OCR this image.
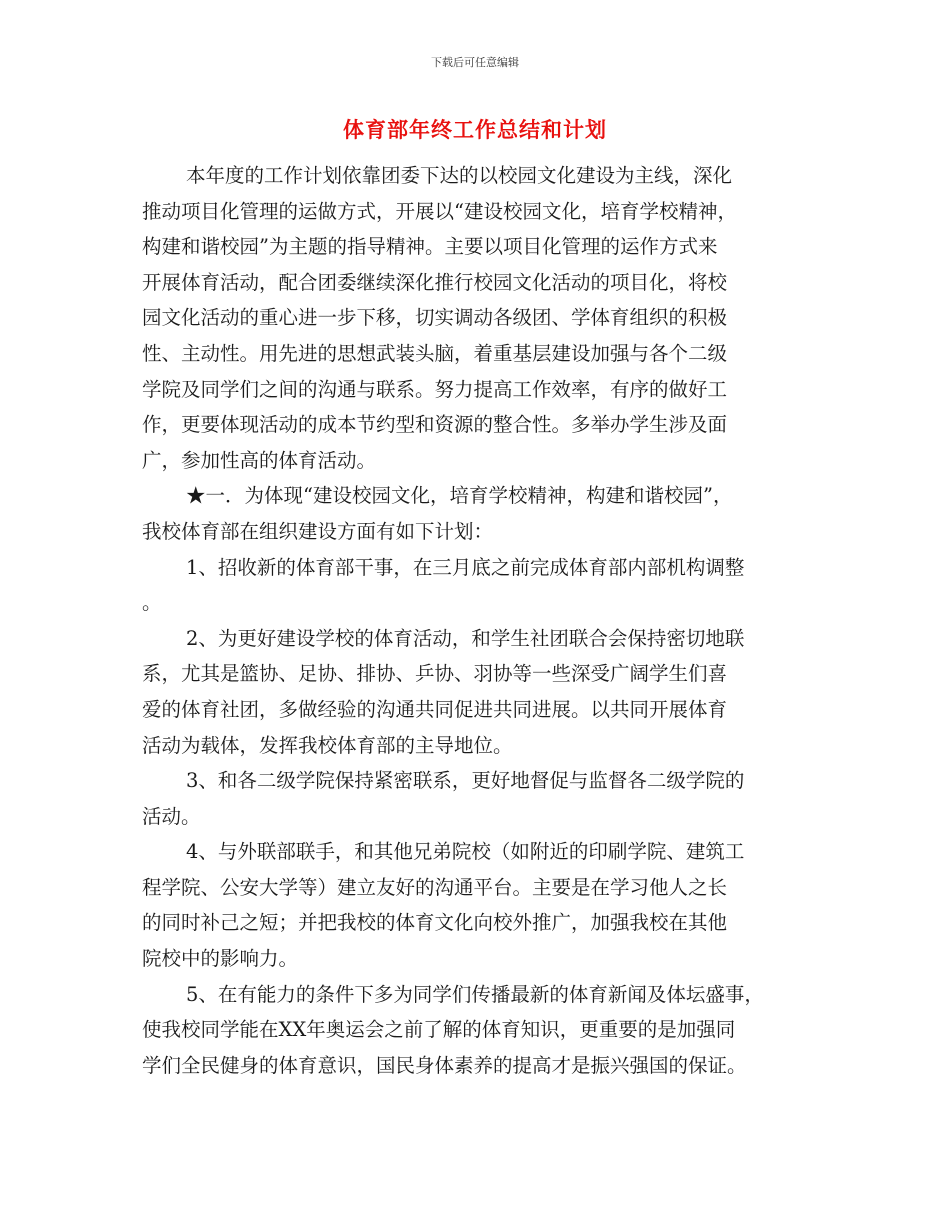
下载后可任意编辑
体育部年终工作总结和计划
本年度的工作计划依靠团委下达的以校园文化建设为主线，深化
推动项目化管理的运做方式，开展以“建设校园文化，培育学校精神，
构建和谐校园”为主题的指导精神。主要以项目化管理的运作方式来
开展体育活动，配合团委继续深化推行校园文化活动的项目化，将校
园文化活动的重心进一步下移，切实调动各级团、学体育组织的积极
性、主动性。用先进的思想武装头脑，着重基层建设加强与各个二级
学院及同学们之间的沟通与联系。努力提高工作效率，有序的做好工
作，更要体现活动的成本节约型和资源的整合性。多举办学生涉及面
广，参加性高的体育活动。
★一．为体现“建设校园文化，培育学校精神，构建和谐校园”，
我校体育部在组织建设方面有如下计划：
1、招收新的体育部干事，在三月底之前完成体育部内部机构调整
。
2、为更好建设学校的体育活动，和学生社团联合会保持密切地联
系，尤其是篮协、足协、排协、乒协、羽协等一些深受广阔学生们喜
爱的体育社团，多做经验的沟通共同促进共同进展。以共同开展体育
活动为载体，发挥我校体育部的主导地位。
3、和各二级学院保持紧密联系，更好地督促与监督各二级学院的
活动。
4、与外联部联手，和其他兄弟院校（如附近的印刷学院、建筑工
程学院、公安大学等）建立友好的沟通平台。主要是在学习他人之长
的同时补己之短；并把我校的体育文化向校外推广，加强我校在其他
院校中的影响力。
5、在有能力的条件下多为同学们传播最新的体育新闻及体坛盛事，
使我校同学能在XX年奥运会之前了解的体育知识，更重要的是加强同
学们全民健身的体育意识，国民身体素养的提高才是振兴强国的保证。
